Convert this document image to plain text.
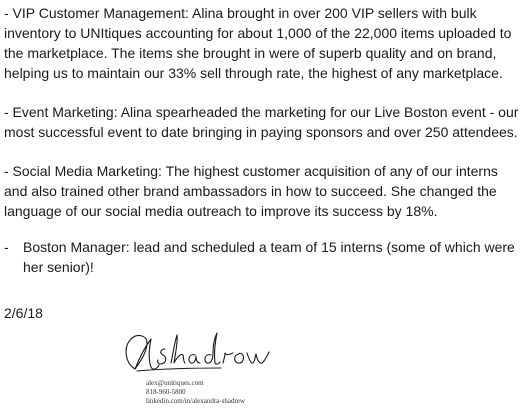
- VIP Customer Management: Alina brought in over 200 VIP sellers with bulk inventory to UNItiques accounting for about 1,000 of the 22,000 items uploaded to the marketplace. The items she brought in were of superb quality and on brand, helping us to maintain our 33% sell through rate, the highest of any marketplace.

- Event Marketing: Alina spearheaded the marketing for our Live Boston event - our most successful event to date bringing in paying sponsors and over 250 attendees.

- Social Media Marketing: The highest customer acquisition of any of our interns and also trained other brand ambassadors in how to succeed. She changed the language of our social media outreach to improve its success by 18%.

- Boston Manager: lead and scheduled a team of 15 interns (some of which were her senior)!
2/6/18
alex@unitiques.com
818-960-5800
linkedin.com/in/alexandra-shadrew
